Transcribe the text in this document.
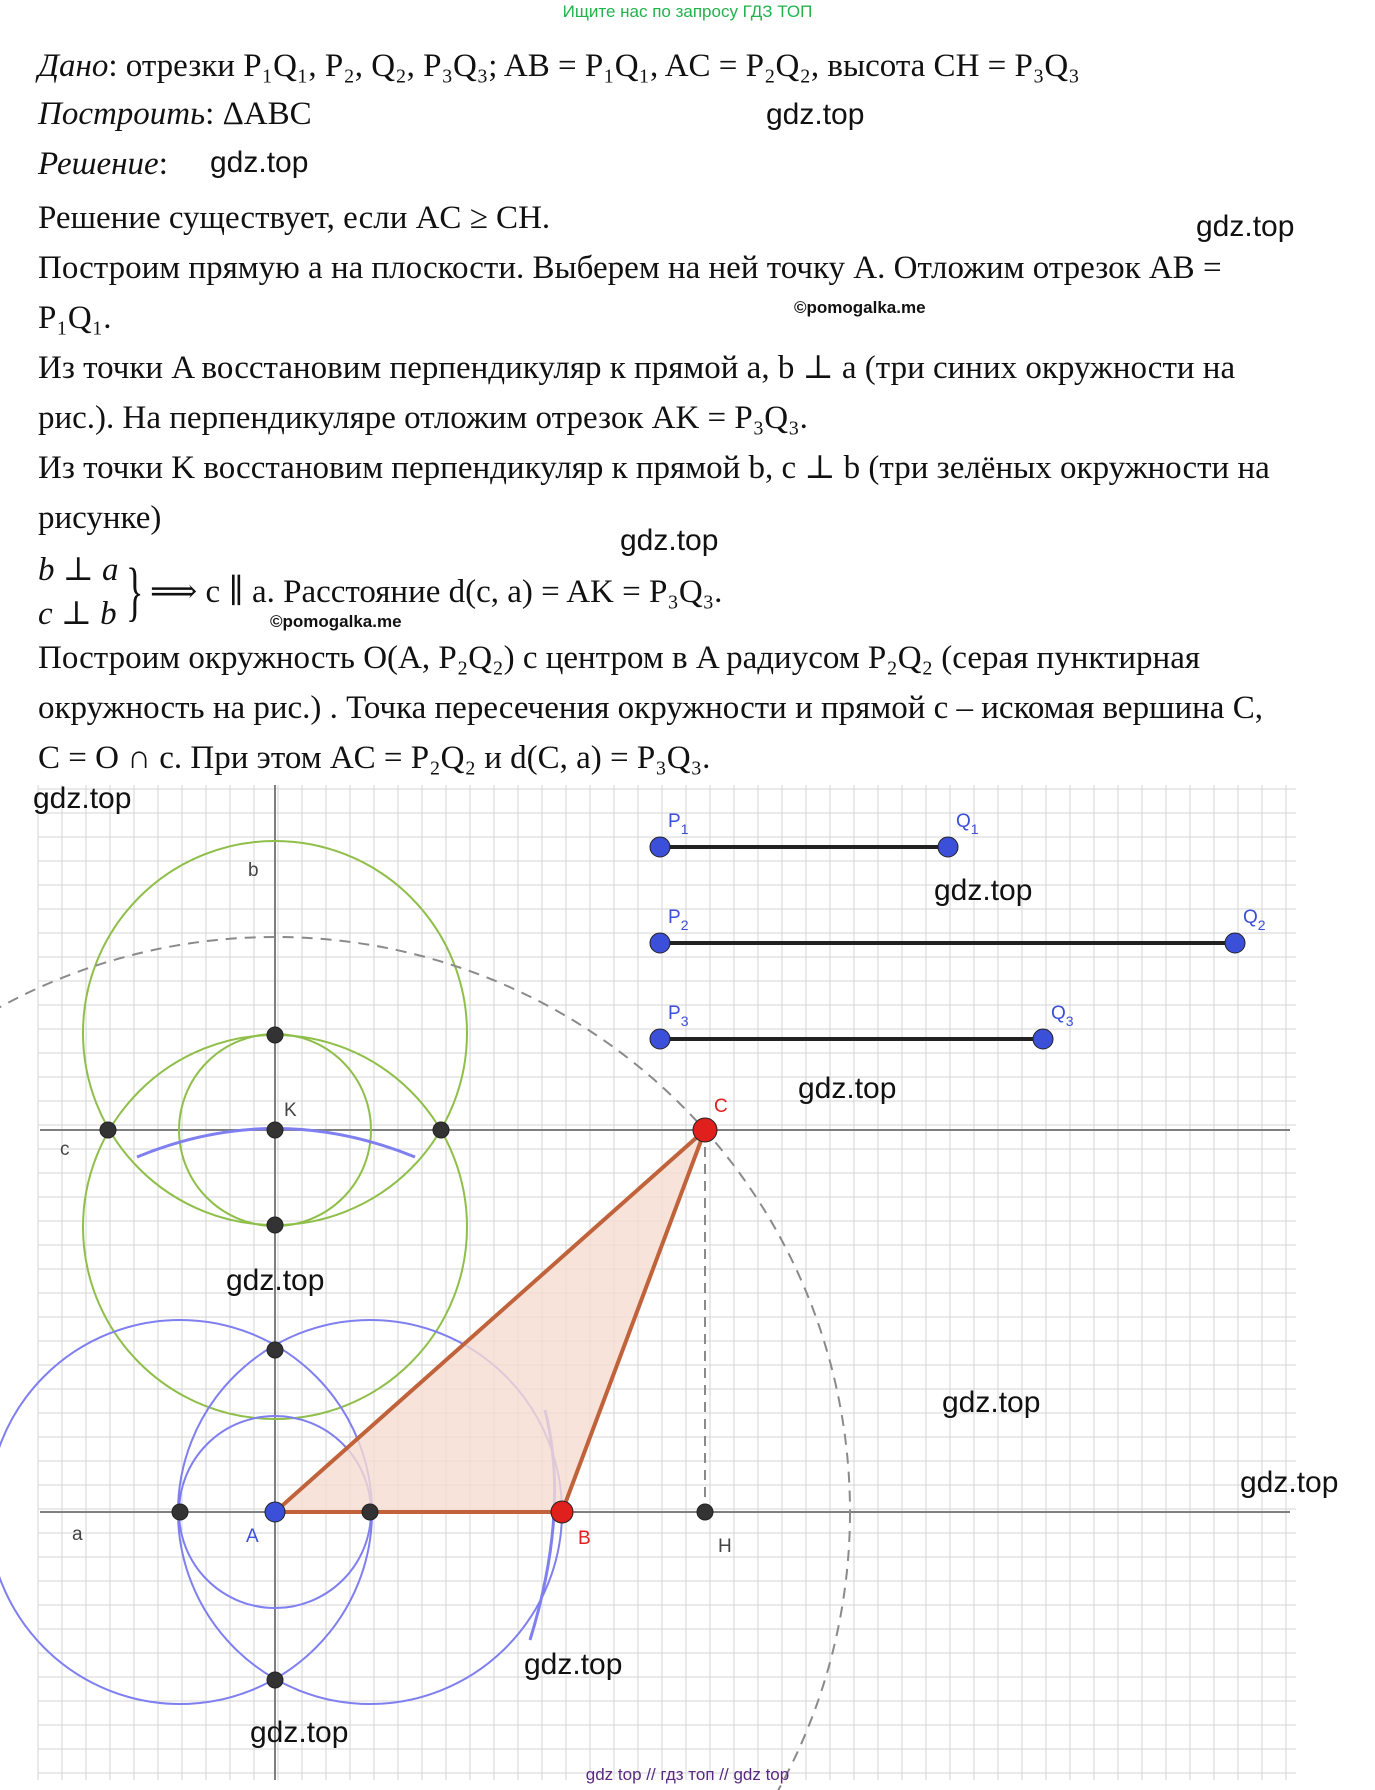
Ищите нас по запросу ГДЗ ТОП
Дано: отрезки P₁Q₁, P₂, Q₂, P₃Q₃; AB = P₁Q₁, AC = P₂Q₂, высота CH = P₃Q₃
Построить: ΔABC
Решение:
Решение существует, если AC ≥ CH.
Построим прямую a на плоскости. Выберем на ней точку A. Отложим отрезок AB =
P₁Q₁.
Из точки A восстановим перпендикуляр к прямой a, b ⊥ a (три синих окружности на
рис.). На перпендикуляре отложим отрезок AK = P₃Q₃.
Из точки K восстановим перпендикуляр к прямой b, c ⊥ b (три зелёных окружности на
рисунке)
b ⊥ a
c ⊥ b } ⟹ c ∥ a. Расстояние d(c, a) = AK = P₃Q₃.
Построим окружность O(A, P₂Q₂) с центром в A радиусом P₂Q₂ (серая пунктирная
окружность на рис.) . Точка пересечения окружности и прямой c – искомая вершина C,
C = O ∩ c. При этом AC = P₂Q₂ и d(C, a) = P₃Q₃.
b
c
a
K
A	B	H
C
$P_1$	$Q_1$
$P_2$	$Q_2$
$P_3$	$Q_3$
gdz.top
gdz.top
gdz.top
gdz.top
gdz.top
gdz.top
gdz.top
gdz.top
gdz.top
gdz.top
gdz.top
gdz.top
©pomogalka.me
©pomogalka.me
gdz top // гдз топ // gdz top
